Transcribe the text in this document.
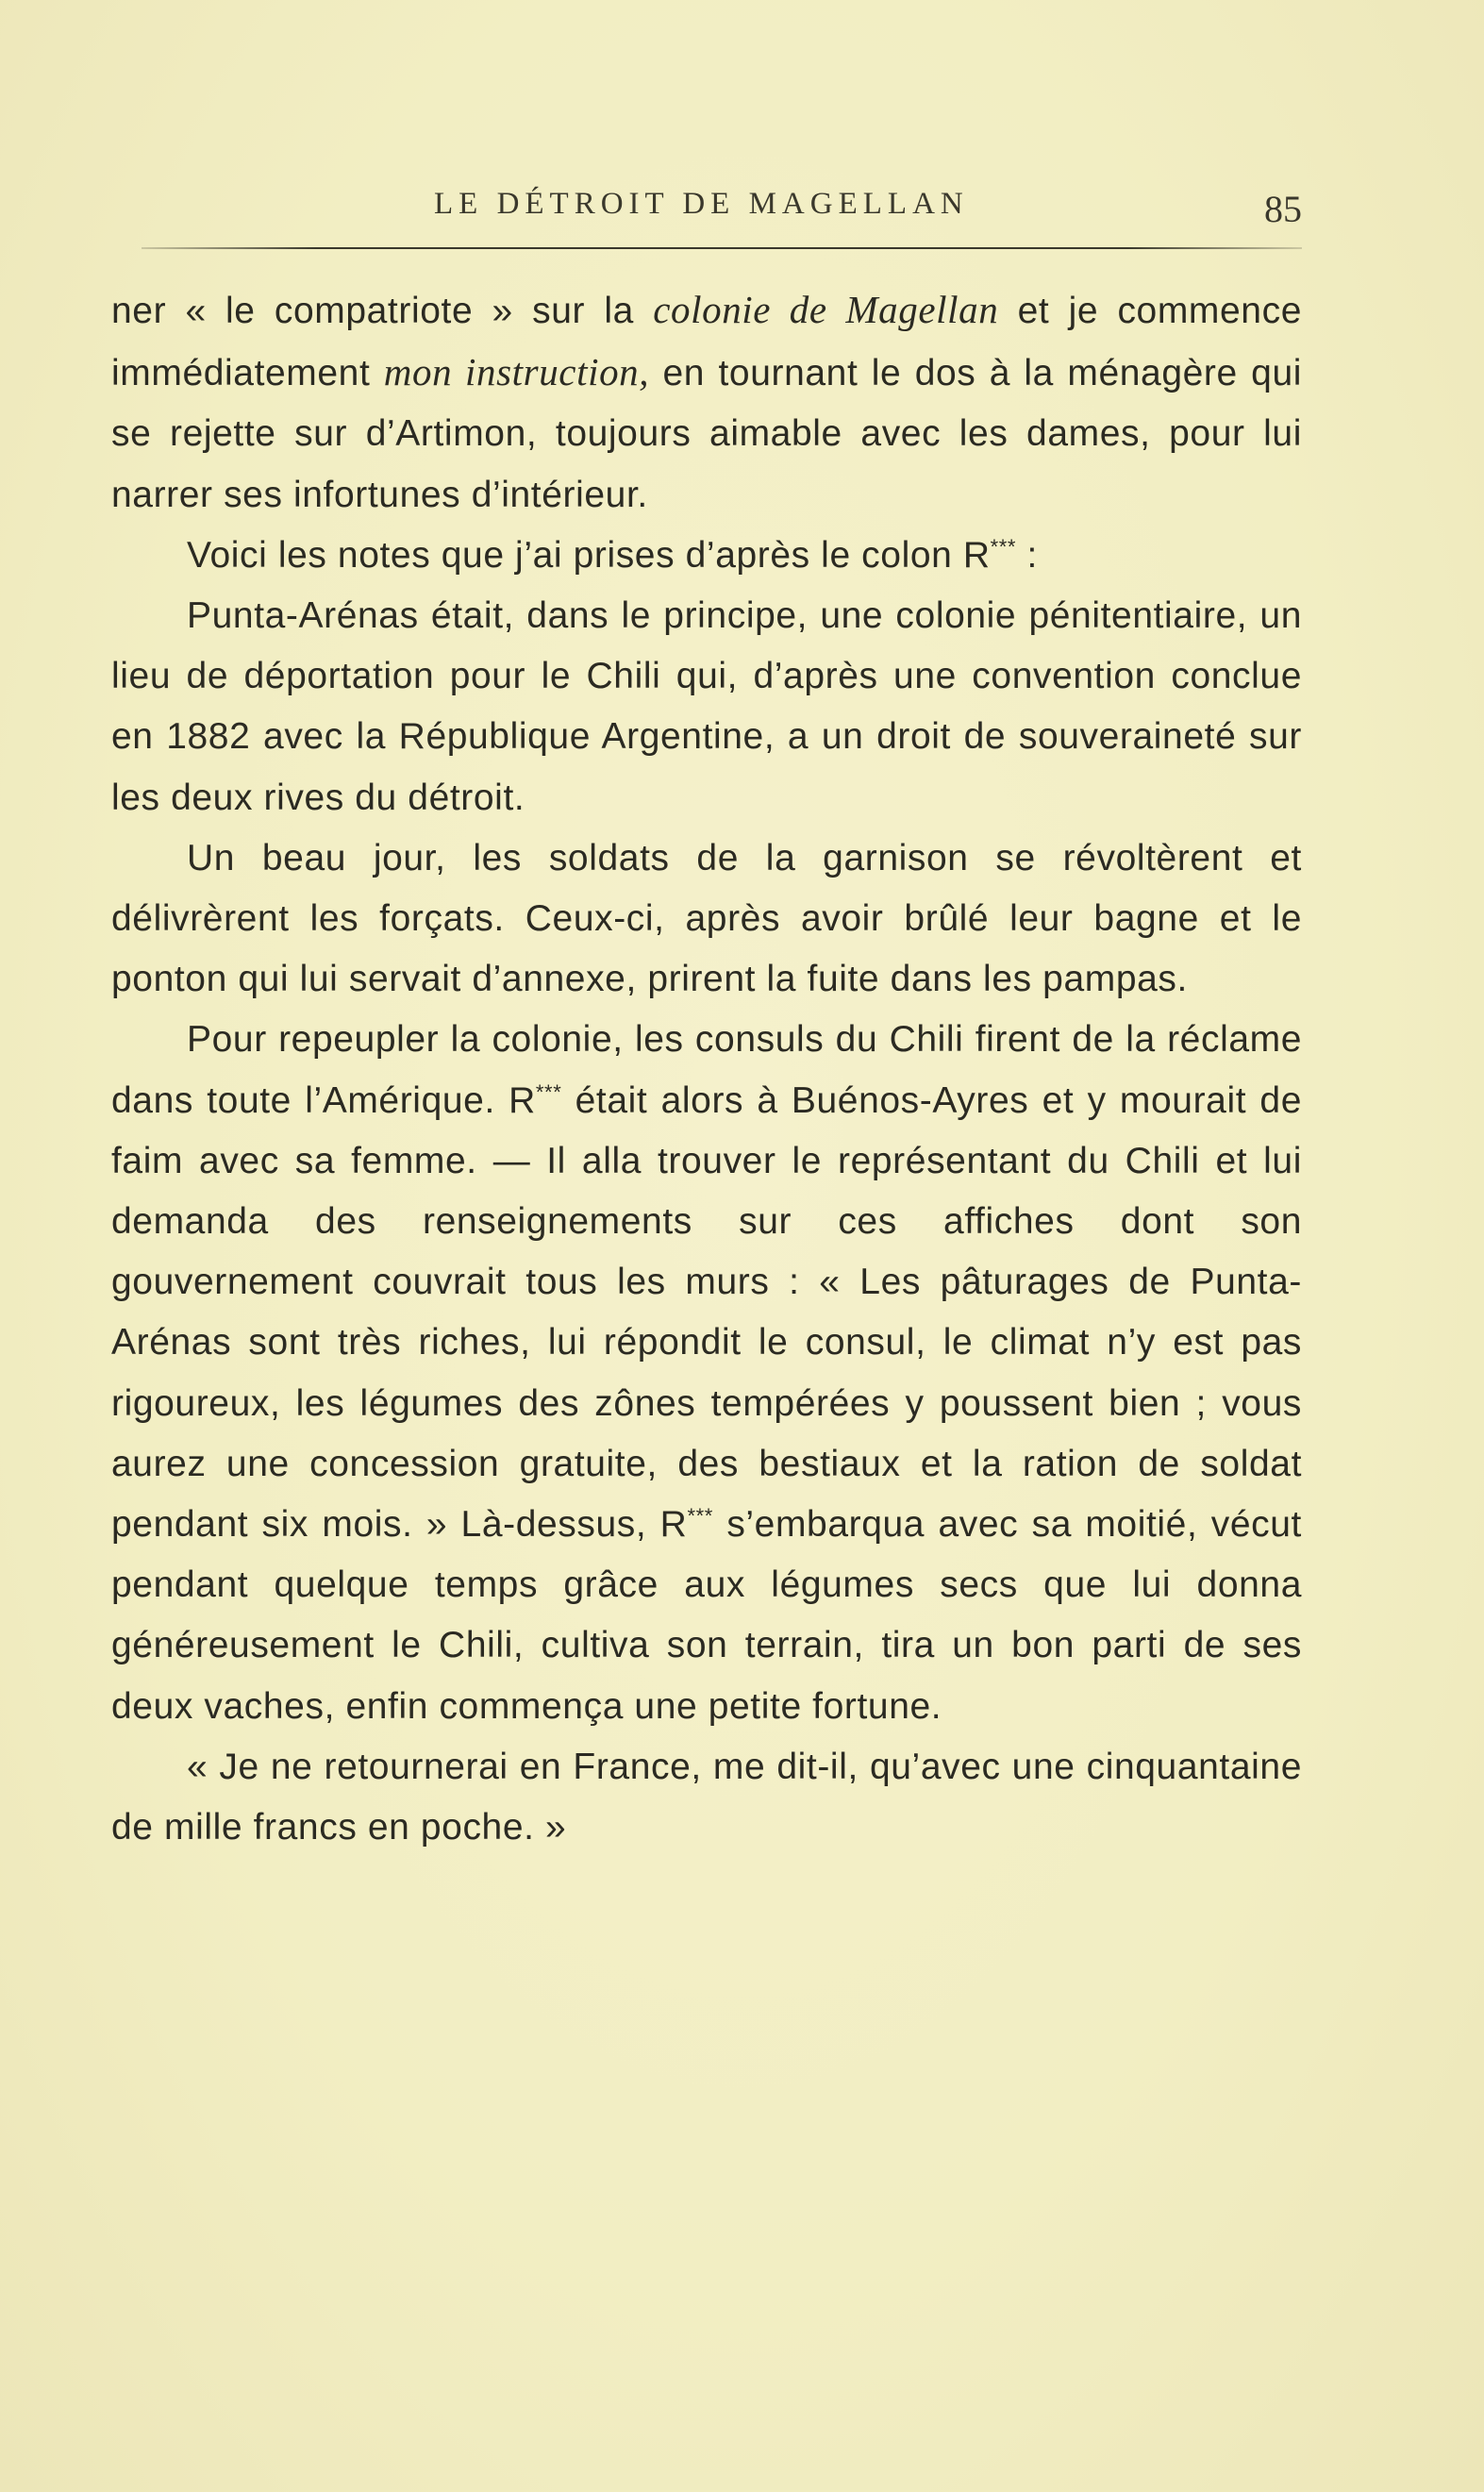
LE DÉTROIT DE MAGELLAN	85

ner « le compatriote » sur la colonie de Magellan et je commence immédiatement mon instruction, en tournant le dos à la ménagère qui se rejette sur d’Artimon, toujours aimable avec les dames, pour lui narrer ses infortunes d’intérieur.

Voici les notes que j’ai prises d’après le colon R*** :

Punta-Arénas était, dans le principe, une colonie pénitentiaire, un lieu de déportation pour le Chili qui, d’après une convention conclue en 1882 avec la République Argentine, a un droit de souveraineté sur les deux rives du détroit.

Un beau jour, les soldats de la garnison se révoltèrent et délivrèrent les forçats. Ceux-ci, après avoir brûlé leur bagne et le ponton qui lui servait d’annexe, prirent la fuite dans les pampas.

Pour repeupler la colonie, les consuls du Chili firent de la réclame dans toute l’Amérique. R*** était alors à Buénos-Ayres et y mourait de faim avec sa femme. — Il alla trouver le représentant du Chili et lui demanda des renseignements sur ces affiches dont son gouvernement couvrait tous les murs : « Les pâturages de Punta-Arénas sont très riches, lui répondit le consul, le climat n’y est pas rigoureux, les légumes des zônes tempérées y poussent bien ; vous aurez une concession gratuite, des bestiaux et la ration de soldat pendant six mois. » Là-dessus, R*** s’embarqua avec sa moitié, vécut pendant quelque temps grâce aux légumes secs que lui donna généreusement le Chili, cultiva son terrain, tira un bon parti de ses deux vaches, enfin commença une petite fortune.

« Je ne retournerai en France, me dit-il, qu’avec une cinquantaine de mille francs en poche. »
